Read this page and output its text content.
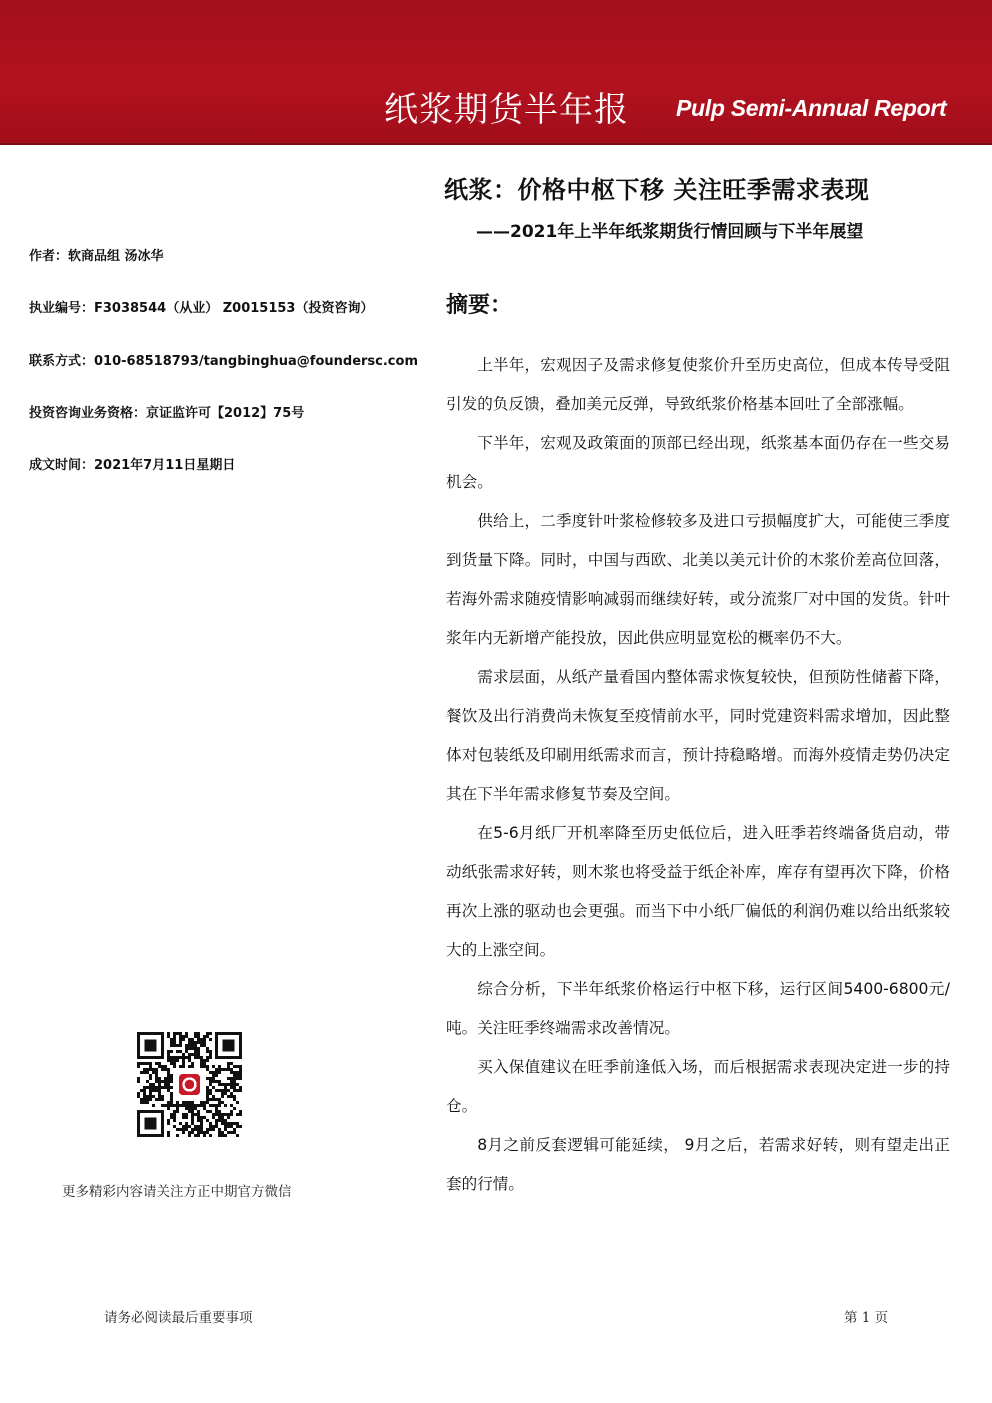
纸浆期货半年报 Pulp Semi-Annual Report
纸浆：价格中枢下移 关注旺季需求表现
——2021年上半年纸浆期货行情回顾与下半年展望
作者：软商品组 汤冰华
执业编号：F3038544（从业） Z0015153（投资咨询）
联系方式：010-68518793/tangbinghua@foundersc.com
投资咨询业务资格：京证监许可【2012】75号
成文时间：2021年7月11日星期日
摘要：

上半年，宏观因子及需求修复使浆价升至历史高位，但成本传导受阻引发的负反馈，叠加美元反弹，导致纸浆价格基本回吐了全部涨幅。

下半年，宏观及政策面的顶部已经出现，纸浆基本面仍存在一些交易机会。

供给上，二季度针叶浆检修较多及进口亏损幅度扩大，可能使三季度到货量下降。同时，中国与西欧、北美以美元计价的木浆价差高位回落，若海外需求随疫情影响减弱而继续好转，或分流浆厂对中国的发货。针叶浆年内无新增产能投放，因此供应明显宽松的概率仍不大。

需求层面，从纸产量看国内整体需求恢复较快，但预防性储蓄下降，餐饮及出行消费尚未恢复至疫情前水平，同时党建资料需求增加，因此整体对包装纸及印刷用纸需求而言，预计持稳略增。而海外疫情走势仍决定其在下半年需求修复节奏及空间。

在5-6月纸厂开机率降至历史低位后，进入旺季若终端备货启动，带动纸张需求好转，则木浆也将受益于纸企补库，库存有望再次下降，价格再次上涨的驱动也会更强。而当下中小纸厂偏低的利润仍难以给出纸浆较大的上涨空间。

综合分析，下半年纸浆价格运行中枢下移，运行区间5400-6800元/吨。关注旺季终端需求改善情况。

买入保值建议在旺季前逢低入场，而后根据需求表现决定进一步的持仓。

8月之前反套逻辑可能延续， 9月之后，若需求好转，则有望走出正套的行情。

更多精彩内容请关注方正中期官方微信
请务必阅读最后重要事项	第 1 页
